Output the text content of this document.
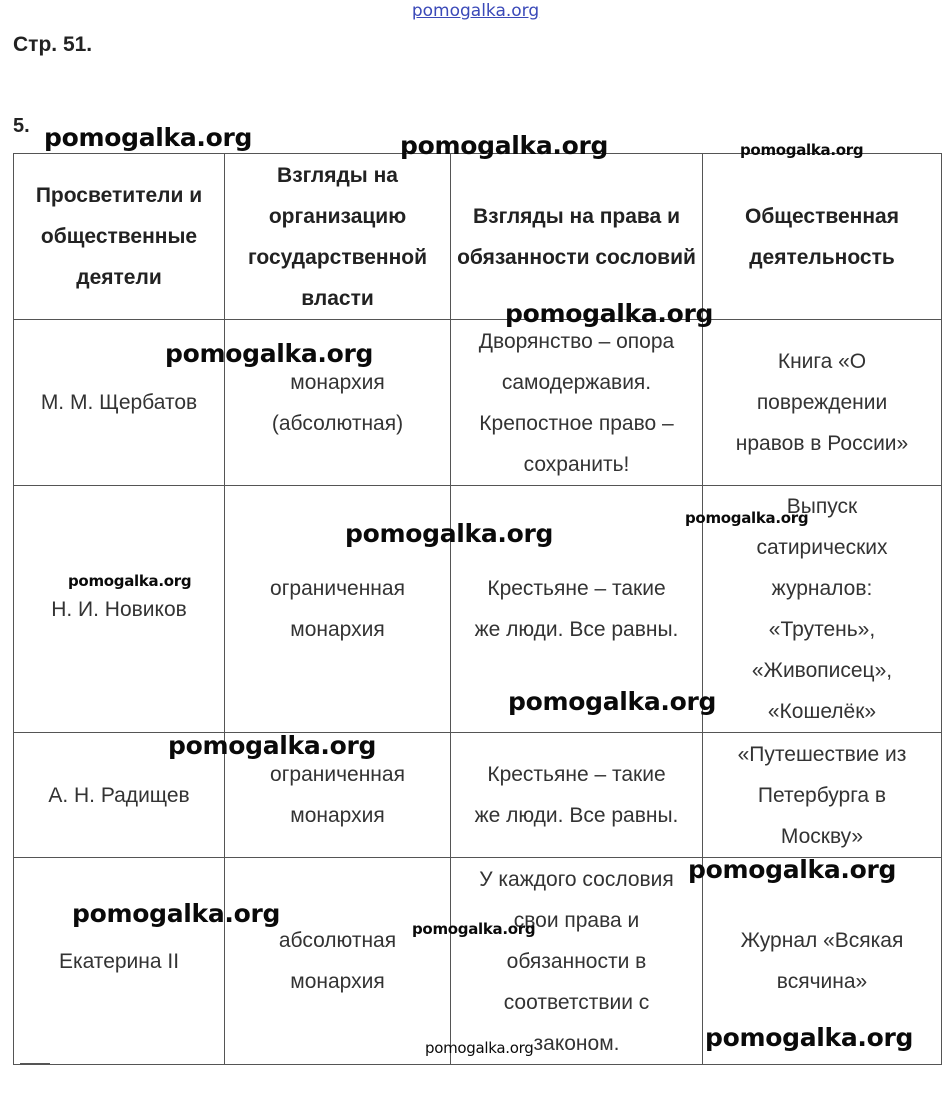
pomogalka.org
Стр. 51.
5.
Просветители и общественные деятели	Взгляды на организацию государственной власти	Взгляды на права и обязанности сословий	Общественная деятельность
М. М. Щербатов	монархия (абсолютная)	Дворянство – опора самодержавия. Крепостное право – сохранить!	Книга «О повреждении нравов в России»
Н. И. Новиков	ограниченная монархия	Крестьяне – такие же люди. Все равны.	Выпуск сатирических журналов: «Трутень», «Живописец», «Кошелёк»
А. Н. Радищев	ограниченная монархия	Крестьяне – такие же люди. Все равны.	«Путешествие из Петербурга в Москву»
Екатерина II	абсолютная монархия	У каждого сословия свои права и обязанности в соответствии с законом.	Журнал «Всякая всячина»
pomogalka.org	pomogalka.org	pomogalka.org
pomogalka.org
pomogalka.org
pomogalka.org
pomogalka.org
pomogalka.org
pomogalka.org
pomogalka.org
pomogalka.org
pomogalka.org
pomogalka.org
pomogalka.org
pomogalka.org
